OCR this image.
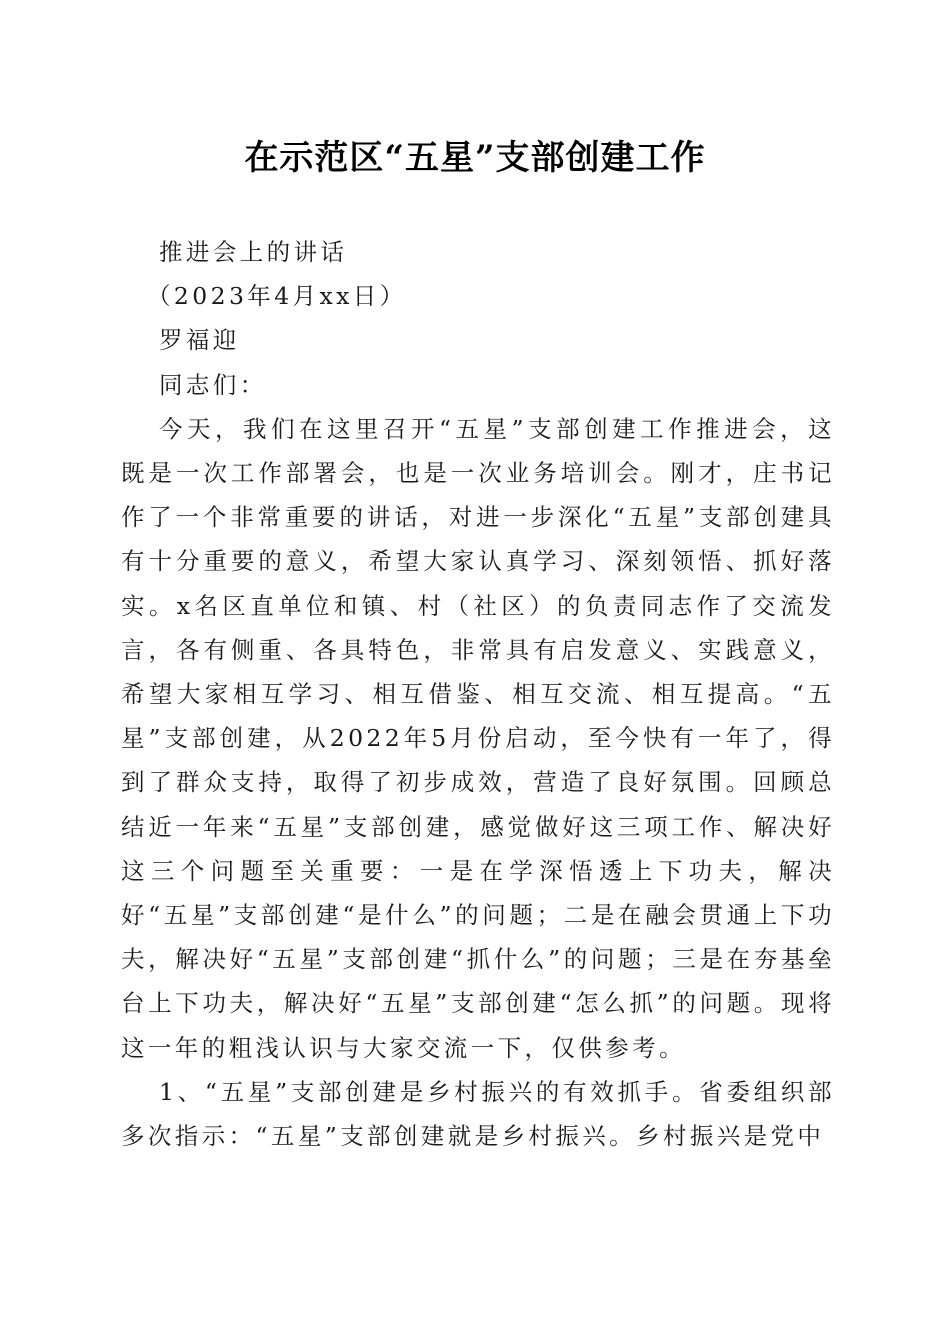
在示范区“五星”支部创建工作

推进会上的讲话

（2023年4月xx日）

罗福迎

同志们：

今天，我们在这里召开“五星”支部创建工作推进会，这既是一次工作部署会，也是一次业务培训会。刚才，庄书记作了一个非常重要的讲话，对进一步深化“五星”支部创建具有十分重要的意义，希望大家认真学习、深刻领悟、抓好落实。x名区直单位和镇、村（社区）的负责同志作了交流发言，各有侧重、各具特色，非常具有启发意义、实践意义，希望大家相互学习、相互借鉴、相互交流、相互提高。“五星”支部创建，从2022年5月份启动，至今快有一年了，得到了群众支持，取得了初步成效，营造了良好氛围。回顾总结近一年来“五星”支部创建，感觉做好这三项工作、解决好这三个问题至关重要：一是在学深悟透上下功夫，解决好“五星”支部创建“是什么”的问题；二是在融会贯通上下功夫，解决好“五星”支部创建“抓什么”的问题；三是在夯基垒台上下功夫，解决好“五星”支部创建“怎么抓”的问题。现将这一年的粗浅认识与大家交流一下，仅供参考。

1、“五星”支部创建是乡村振兴的有效抓手。省委组织部多次指示：“五星”支部创建就是乡村振兴。乡村振兴是党中
